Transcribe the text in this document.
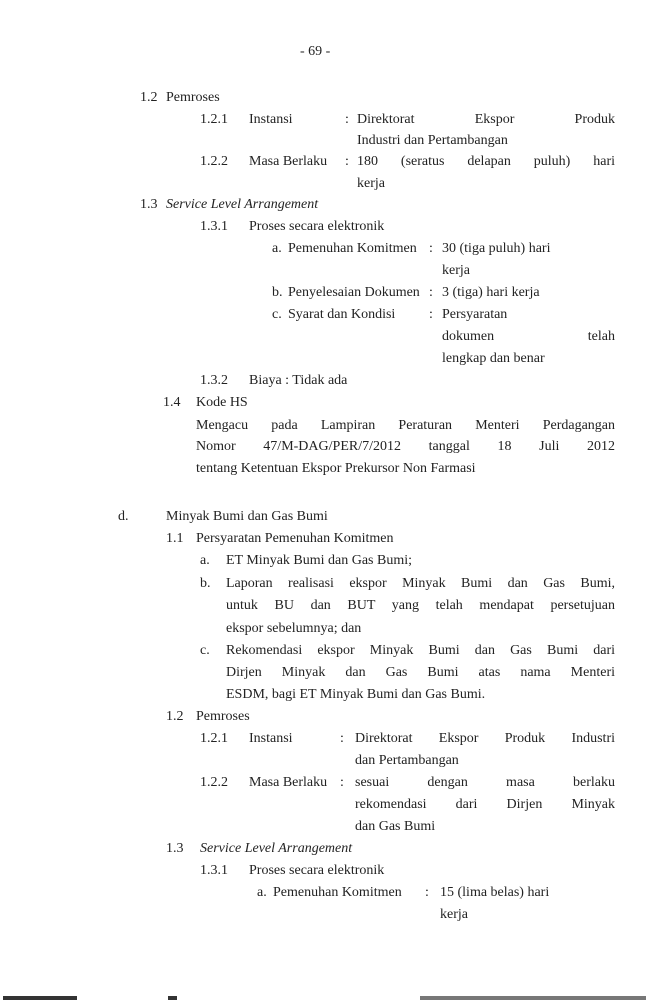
- 69 -
1.2 Pemroses
1.2.1 Instansi	: Direktorat Ekspor Produk
Industri dan Pertambangan
1.2.2 Masa Berlaku : 180 (seratus delapan puluh) hari
kerja
1.3 Service Level Arrangement
1.3.1 Proses secara elektronik
a. Pemenuhan Komitmen : 30 (tiga puluh) hari
kerja
b. Penyelesaian Dokumen : 3 (tiga) hari kerja
c. Syarat dan Kondisi : Persyaratan
dokumen telah
lengkap dan benar
1.3.2 Biaya : Tidak ada
1.4 Kode HS
Mengacu pada Lampiran Peraturan Menteri Perdagangan
Nomor 47/M-DAG/PER/7/2012 tanggal 18 Juli 2012
tentang Ketentuan Ekspor Prekursor Non Farmasi
d.	Minyak Bumi dan Gas Bumi
1.1 Persyaratan Pemenuhan Komitmen
a. ET Minyak Bumi dan Gas Bumi;
b. Laporan realisasi ekspor Minyak Bumi dan Gas Bumi,
untuk BU dan BUT yang telah mendapat persetujuan
ekspor sebelumnya; dan
c. Rekomendasi ekspor Minyak Bumi dan Gas Bumi dari
Dirjen Minyak dan Gas Bumi atas nama Menteri
ESDM, bagi ET Minyak Bumi dan Gas Bumi.
1.2 Pemroses
1.2.1 Instansi	: Direktorat Ekspor Produk Industri
dan Pertambangan
1.2.2 Masa Berlaku : sesuai dengan masa berlaku
rekomendasi dari Dirjen Minyak
dan Gas Bumi
1.3 Service Level Arrangement
1.3.1 Proses secara elektronik
a. Pemenuhan Komitmen : 15 (lima belas) hari
kerja
